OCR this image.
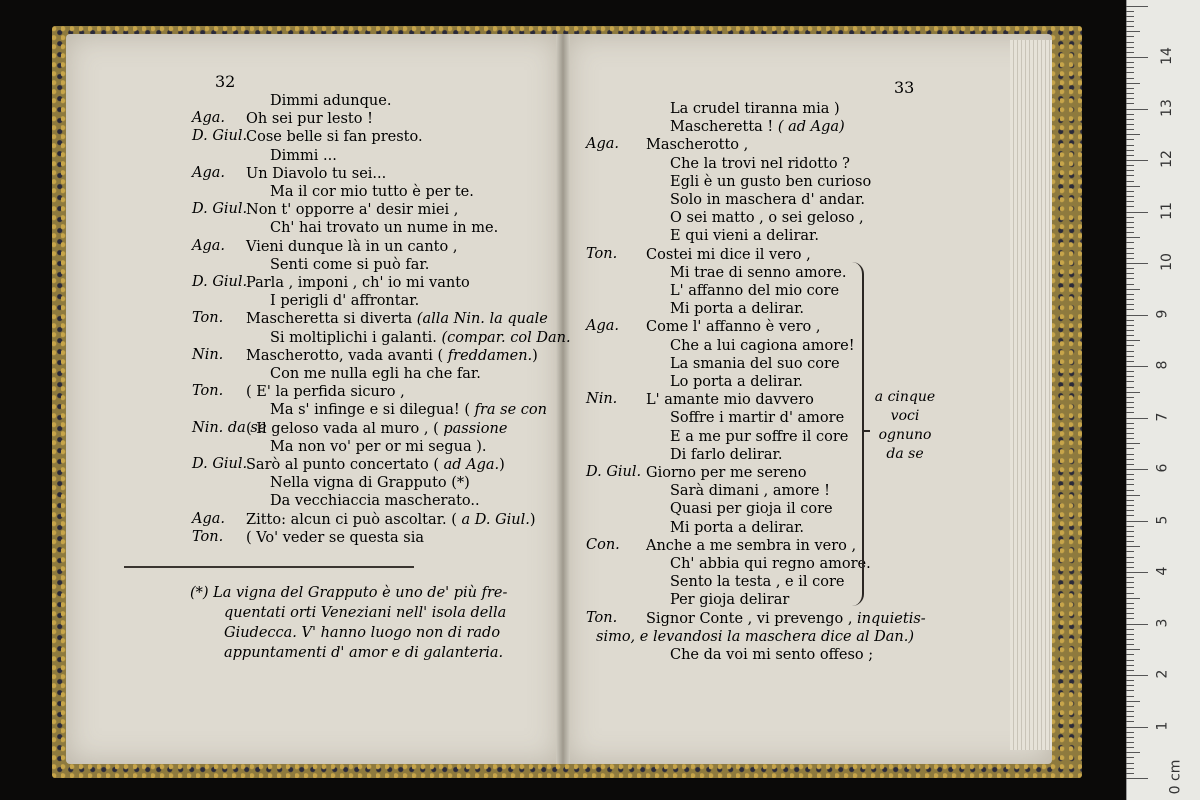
32
Dimmi adunque.
Aga. Oh sei pur lesto !
D. Giul.
Cose belle si fan presto.
Dimmi ...
Aga. Un Diavolo tu sei...
Ma il cor mio tutto è per te.
D. Giul.
Non t' opporre a' desir miei ,
Ch' hai trovato un nume in me.
Aga. Vieni dunque là in un canto ,
Senti come si può far.
D. Giul.
Parla , imponi , ch' io mi vanto
I perigli d' affrontar.
Ton. Mascheretta si diverta (alla Nin. la quale
Si moltiplichi i galanti. (compar. col Dan.
Nin. Mascherotto, vada avanti ( freddamen.)
Con me nulla egli ha che far.
Ton. ( E' la perfida sicuro ,
Ma s' infinge e si dilegua! ( fra se con
Nin. da se
( Il geloso vada al muro , ( passione
Ma non vo' per or mi segua ).
D. Giul.
Sarò al punto concertato ( ad Aga.)
Nella vigna di Grapputo (*)
Da vecchiaccia mascherato..
Aga. Zitto: alcun ci può ascoltar. ( a D. Giul.)
Ton. ( Vo' veder se questa sia
(*) La vigna del Grapputo è uno de' più fre-
quentati orti Veneziani nell' isola della
Giudecca. V' hanno luogo non di rado
appuntamenti d' amor e di galanteria.
33
La crudel tiranna mia )
Mascheretta ! ( ad Aga)
Aga. Mascherotto ,
Che la trovi nel ridotto ?
Egli è un gusto ben curioso
Solo in maschera d' andar.
O sei matto , o sei geloso ,
E qui vieni a delirar.
Ton. Costei mi dice il vero ,
Mi trae di senno amore.
L' affanno del mio core
Mi porta a delirar.
Aga. Come l' affanno è vero ,
Che a lui cagiona amore!
La smania del suo core
Lo porta a delirar.
Nin. L' amante mio davvero
Soffre i martir d' amore
E a me pur soffre il core
Di farlo delirar.
D. Giul. Giorno per me sereno
Sarà dimani , amore !
Quasi per gioja il core
Mi porta a delirar.
Con. Anche a me sembra in vero ,
Ch' abbia qui regno amore.
Sento la testa , e il core
Per gioja delirar
Ton. Signor Conte , vi prevengo , inquietis-
simo, e levandosi la maschera dice al Dan.)
Che da voi mi sento offeso ;
a cinque
voci
ognuno
da se
0 cm
1
2
3
4
5
6
7
8
9
10
11
12
13
14
